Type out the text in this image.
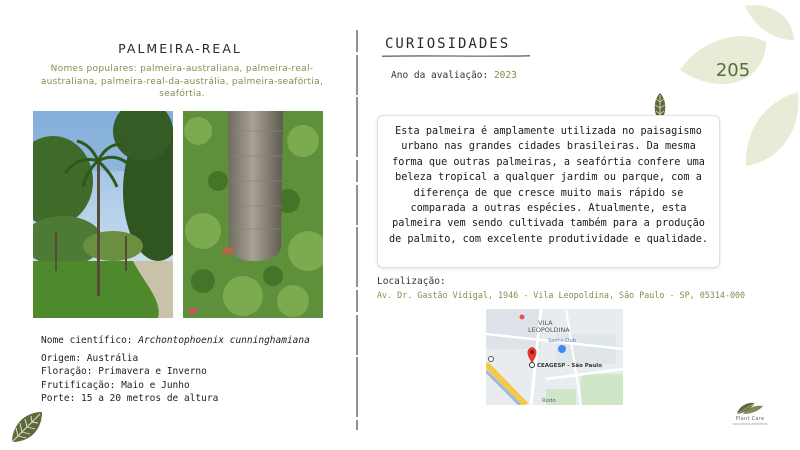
205
PALMEIRA-REAL
Nomes populares: palmeira-australiana, palmeira-real-australiana, palmeira-real-da-austrália, palmeira-seafórtia, seafórtia.
Nome científico: Archontophoenix cunninghamiana
Origem: Austrália
Floração: Primavera e Inverno
Frutificação: Maio e Junho
Porte: 15 a 20 metros de altura
CURIOSIDADES
Ano da avaliação: 2023
Esta palmeira é amplamente utilizada no paisagismo urbano nas grandes cidades brasileiras. Da mesma forma que outras palmeiras, a seafórtia confere uma beleza tropical a qualquer jardim ou parque, com a diferença de que cresce muito mais rápido se comparada a outras espécies. Atualmente, esta palmeira vem sendo cultivada também para a produção de palmito, com excelente produtividade e qualidade.
Localização:
Av. Dr. Gastão Vidigal, 1946 - Vila Leopoldina, São Paulo - SP, 05314-000
VILA
LEOPOLDINA
Sam's Club
CEAGESP - São Paulo
Rodo
Plant Care
consultoria ambiental
